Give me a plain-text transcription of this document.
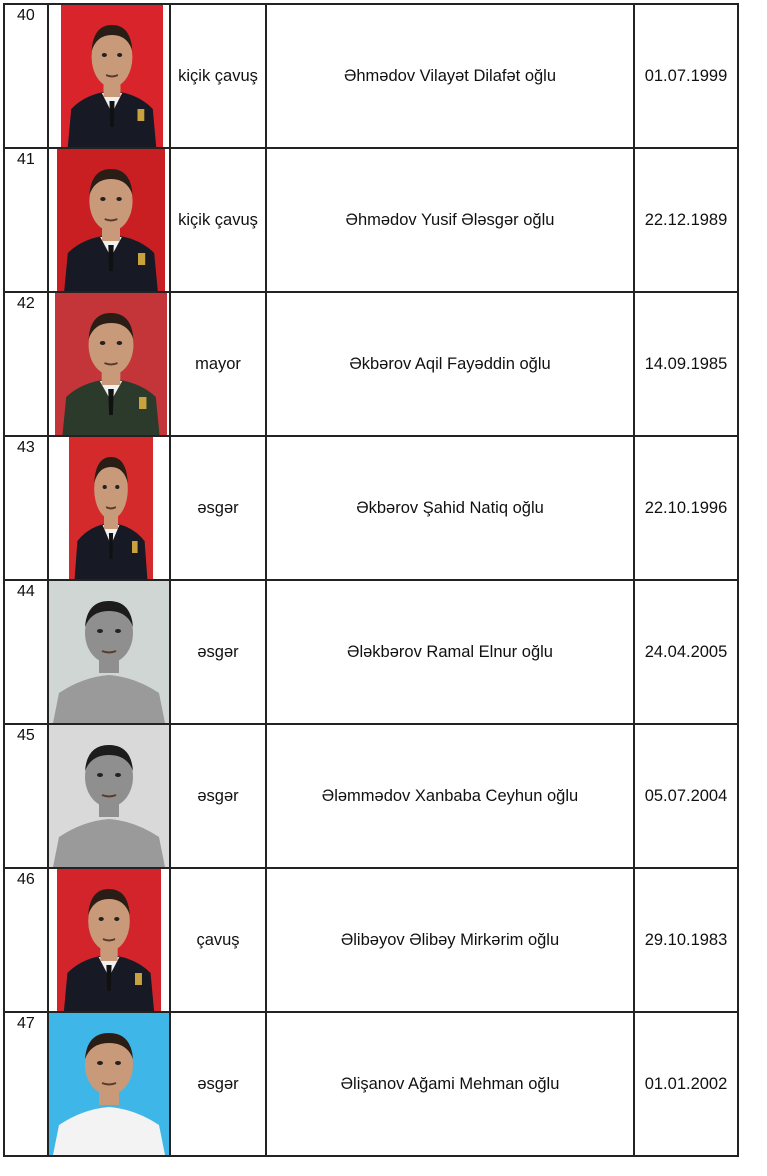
40		kiçik çavuş	Əhmədov Vilayət Dilafət oğlu	01.07.1999
41		kiçik çavuş	Əhmədov Yusif Ələsgər oğlu	22.12.1989
42		mayor	Əkbərov Aqil Fayəddin oğlu	14.09.1985
43		əsgər	Əkbərov Şahid Natiq oğlu	22.10.1996
44		əsgər	Ələkbərov Ramal Elnur oğlu	24.04.2005
45		əsgər	Ələmmədov Xanbaba Ceyhun oğlu	05.07.2004
46		çavuş	Əlibəyov Əlibəy Mirkərim oğlu	29.10.1983
47		əsgər	Əlişanov Ağami Mehman oğlu	01.01.2002
